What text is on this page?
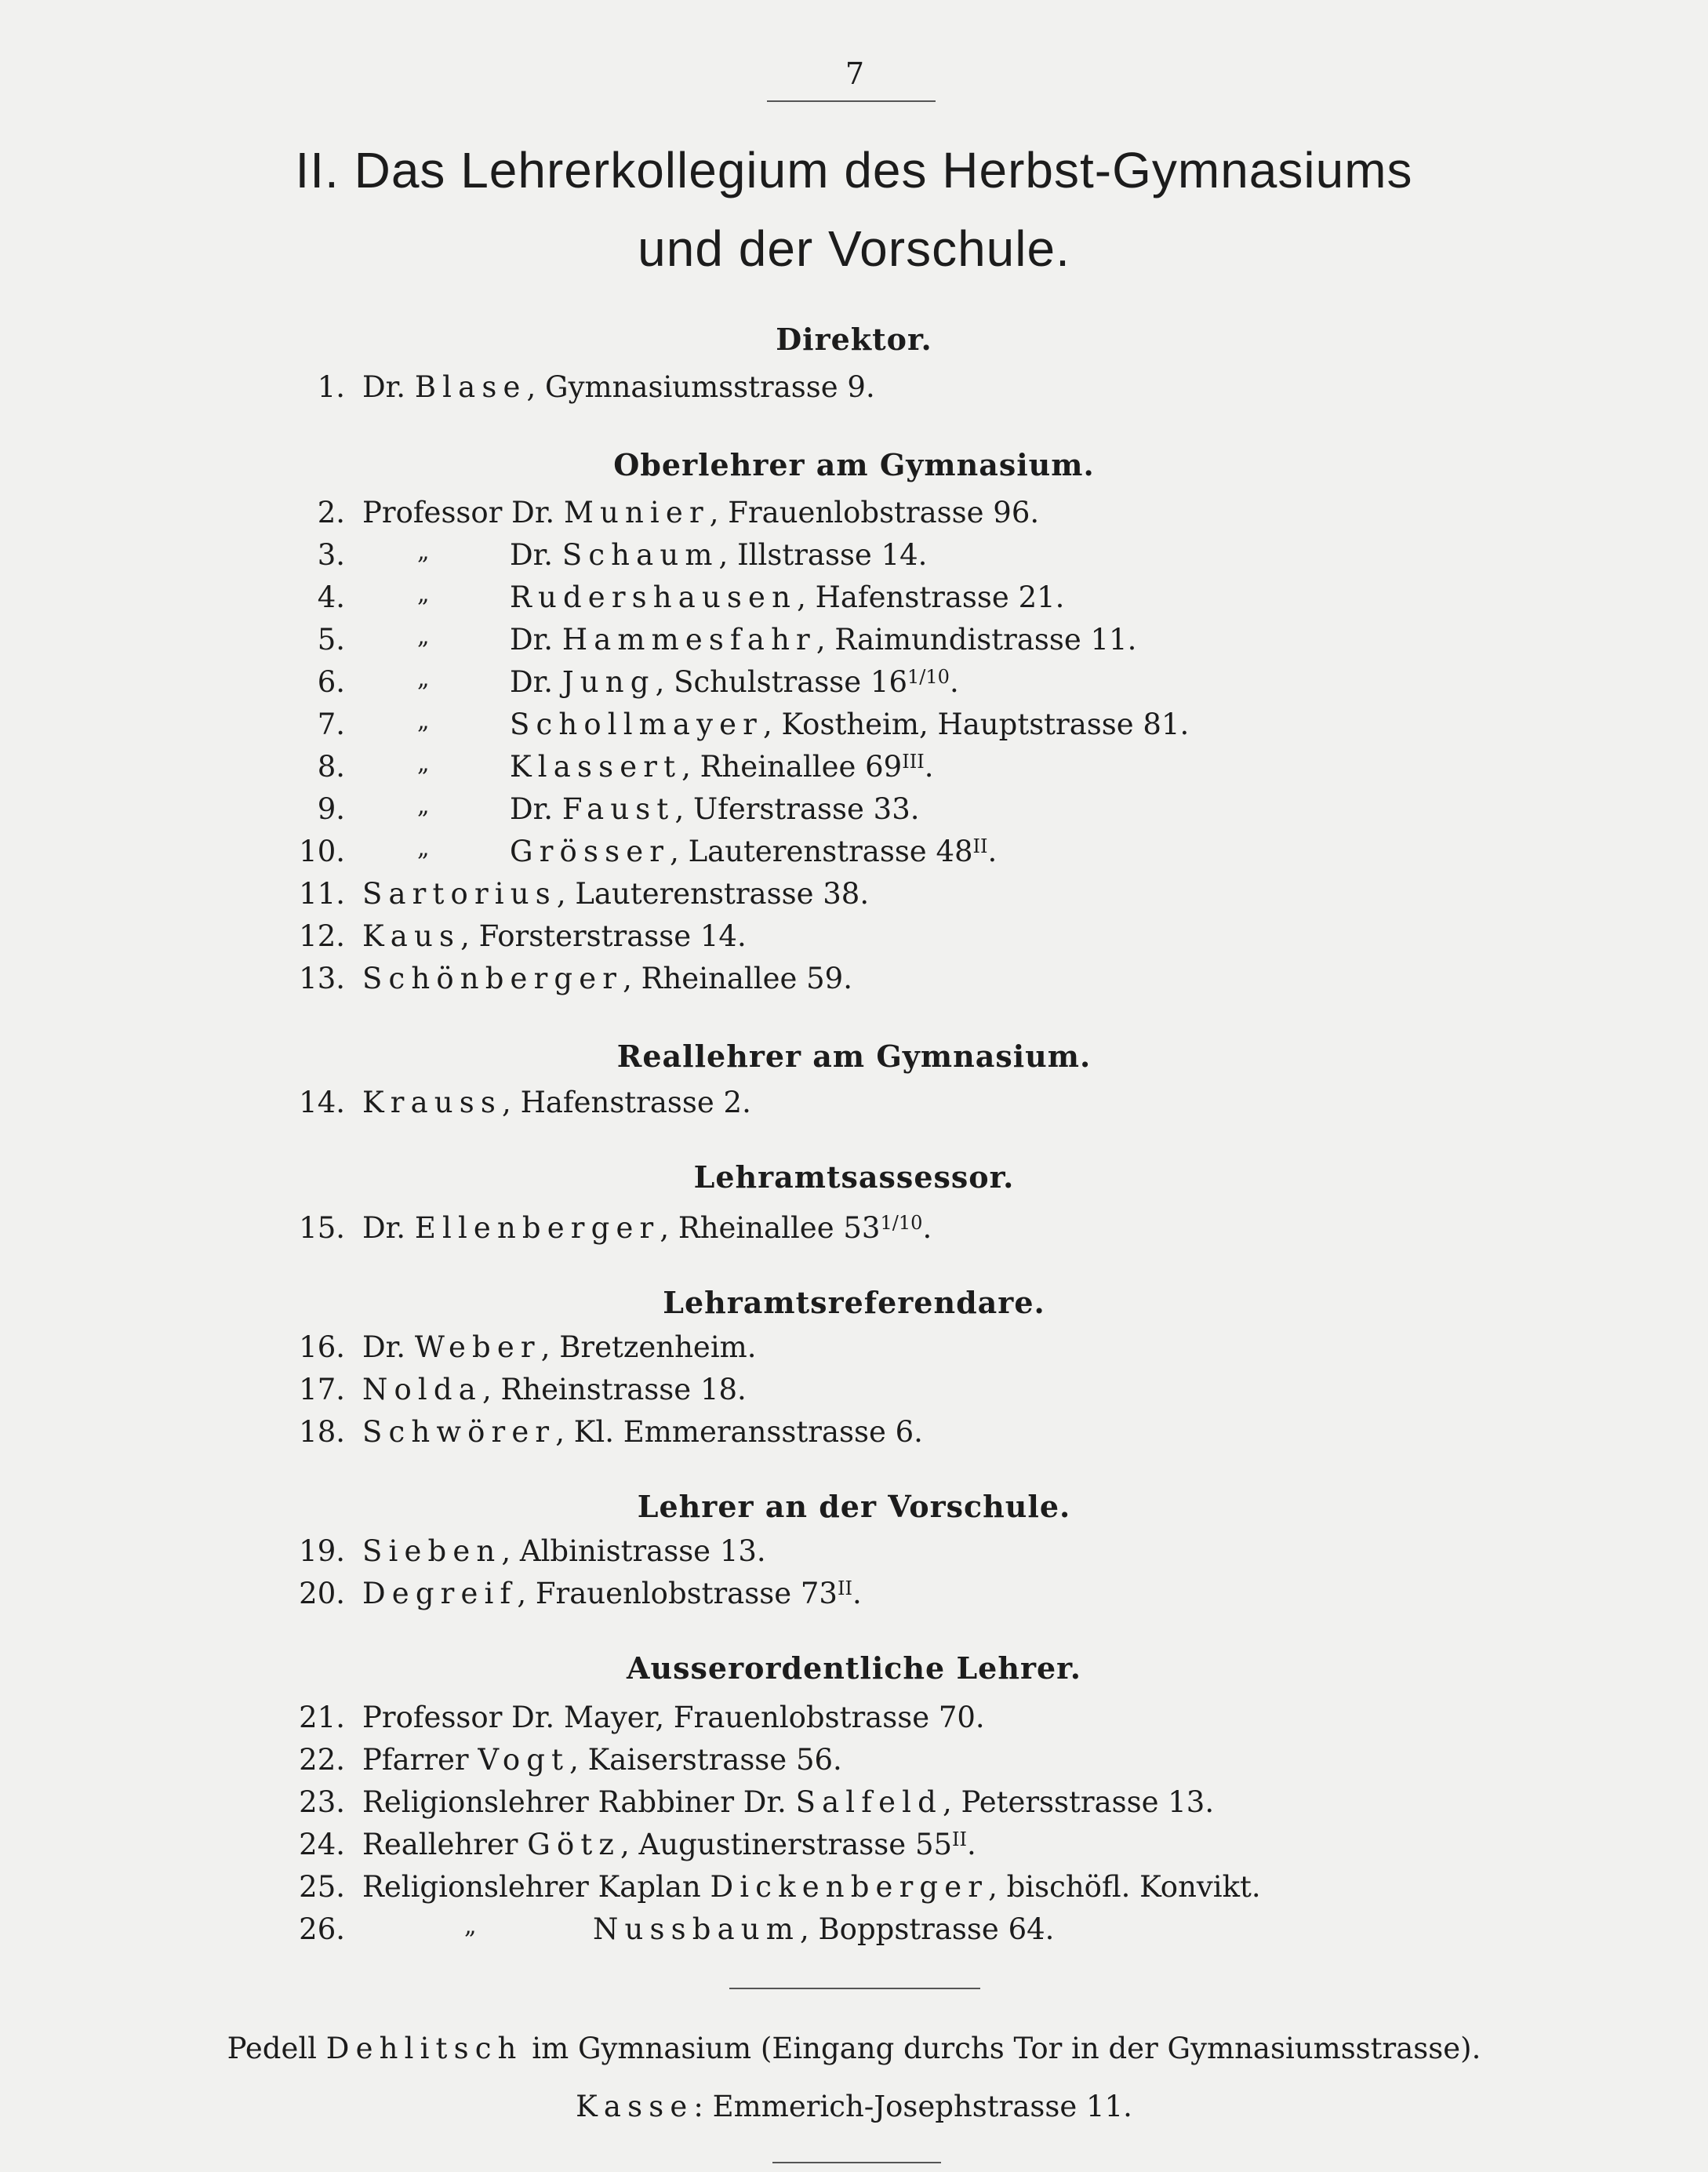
7
II. Das Lehrerkollegium des Herbst-Gymnasiums
und der Vorschule.
Direktor.
1. Dr. Blase, Gymnasiumsstrasse 9.
Oberlehrer am Gymnasium.
2. Professor Dr. Munier, Frauenlobstrasse 96.
3.	„	Dr. Schaum, Illstrasse 14.
4.	„	Rudershausen, Hafenstrasse 21.
5.	„	Dr. Hammesfahr, Raimundistrasse 11.
6.	„	Dr. Jung, Schulstrasse $16^{1/10}$.
7.	„	Schollmayer, Kostheim, Hauptstrasse 81.
8.	„	Klassert, Rheinallee $69^{III}$.
9.	„	Dr. Faust, Uferstrasse 33.
10.	„	Grösser, Lauterenstrasse $48^{II}$.
11. Sartorius, Lauterenstrasse 38.
12. Kaus, Forsterstrasse 14.
13. Schönberger, Rheinallee 59.
Reallehrer am Gymnasium.
14. Krauss, Hafenstrasse 2.
Lehramtsassessor.
15. Dr. Ellenberger, Rheinallee $53^{1/10}$.
Lehramtsreferendare.
16. Dr. Weber, Bretzenheim.
17. Nolda, Rheinstrasse 18.
18. Schwörer, Kl. Emmeransstrasse 6.
Lehrer an der Vorschule.
19. Sieben, Albinistrasse 13.
20. Degreif, Frauenlobstrasse $73^{II}$.
Ausserordentliche Lehrer.
21. Professor Dr. Mayer, Frauenlobstrasse 70.
22. Pfarrer Vogt, Kaiserstrasse 56.
23. Religionslehrer Rabbiner Dr. Salfeld, Petersstrasse 13.
24. Reallehrer Götz, Augustinerstrasse $55^{II}$.
25. Religionslehrer Kaplan Dickenberger, bischöfl. Konvikt.
26.	„	Nussbaum, Boppstrasse 64.
Pedell Dehlitsch im Gymnasium (Eingang durchs Tor in der Gymnasiumsstrasse).
Kasse: Emmerich-Josephstrasse 11.
